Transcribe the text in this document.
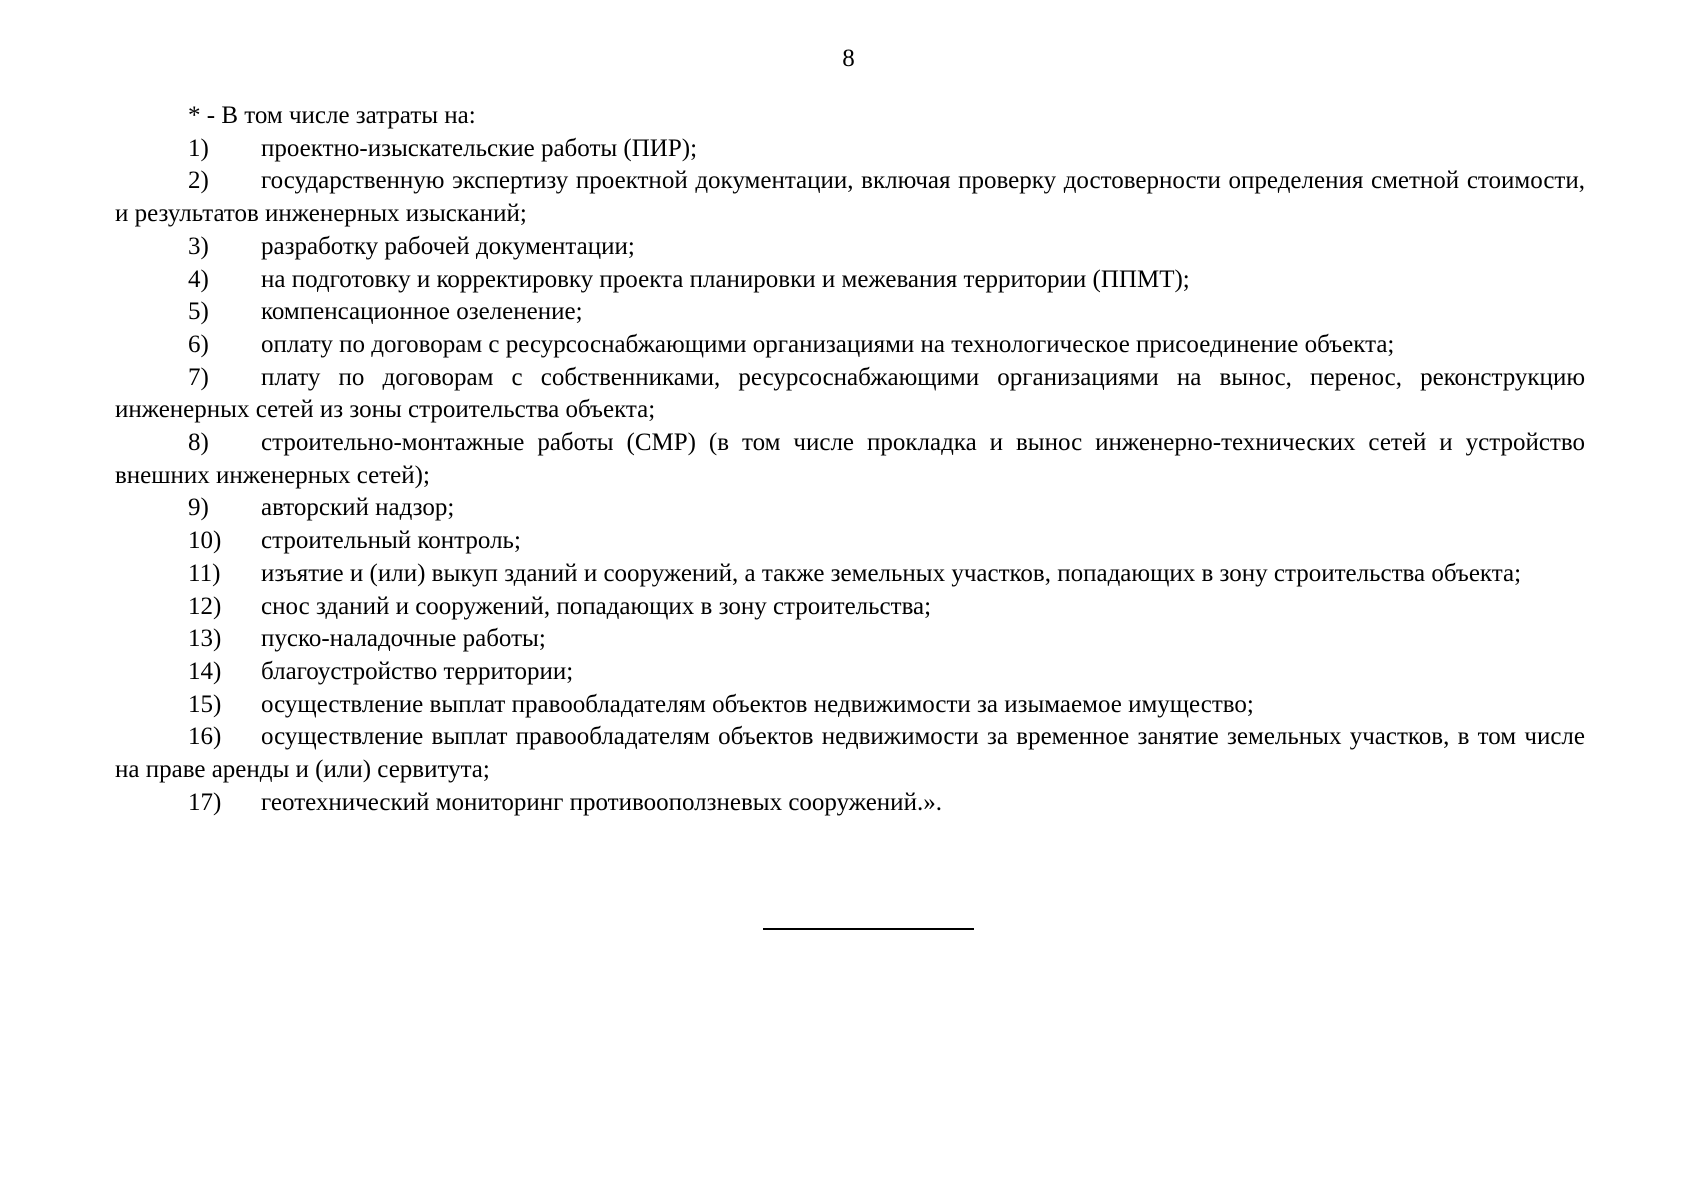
8

* - В том числе затраты на:

1) проектно-изыскательские работы (ПИР);

2) государственную экспертизу проектной документации, включая проверку достоверности определения сметной стоимости, и результатов инженерных изысканий;

3) разработку рабочей документации;

4) на подготовку и корректировку проекта планировки и межевания территории (ППМТ);

5) компенсационное озеленение;

6) оплату по договорам с ресурсоснабжающими организациями на технологическое присоединение объекта;

7) плату по договорам с собственниками, ресурсоснабжающими организациями на вынос, перенос, реконструкцию инженерных сетей из зоны строительства объекта;

8) строительно-монтажные работы (СМР) (в том числе прокладка и вынос инженерно-технических сетей и устройство внешних инженерных сетей);

9) авторский надзор;

10) строительный контроль;

11) изъятие и (или) выкуп зданий и сооружений, а также земельных участков, попадающих в зону строительства объекта;

12) снос зданий и сооружений, попадающих в зону строительства;

13) пуско-наладочные работы;

14) благоустройство территории;

15) осуществление выплат правообладателям объектов недвижимости за изымаемое имущество;

16) осуществление выплат правообладателям объектов недвижимости за временное занятие земельных участков, в том числе на праве аренды и (или) сервитута;

17) геотехнический мониторинг противооползневых сооружений.».
